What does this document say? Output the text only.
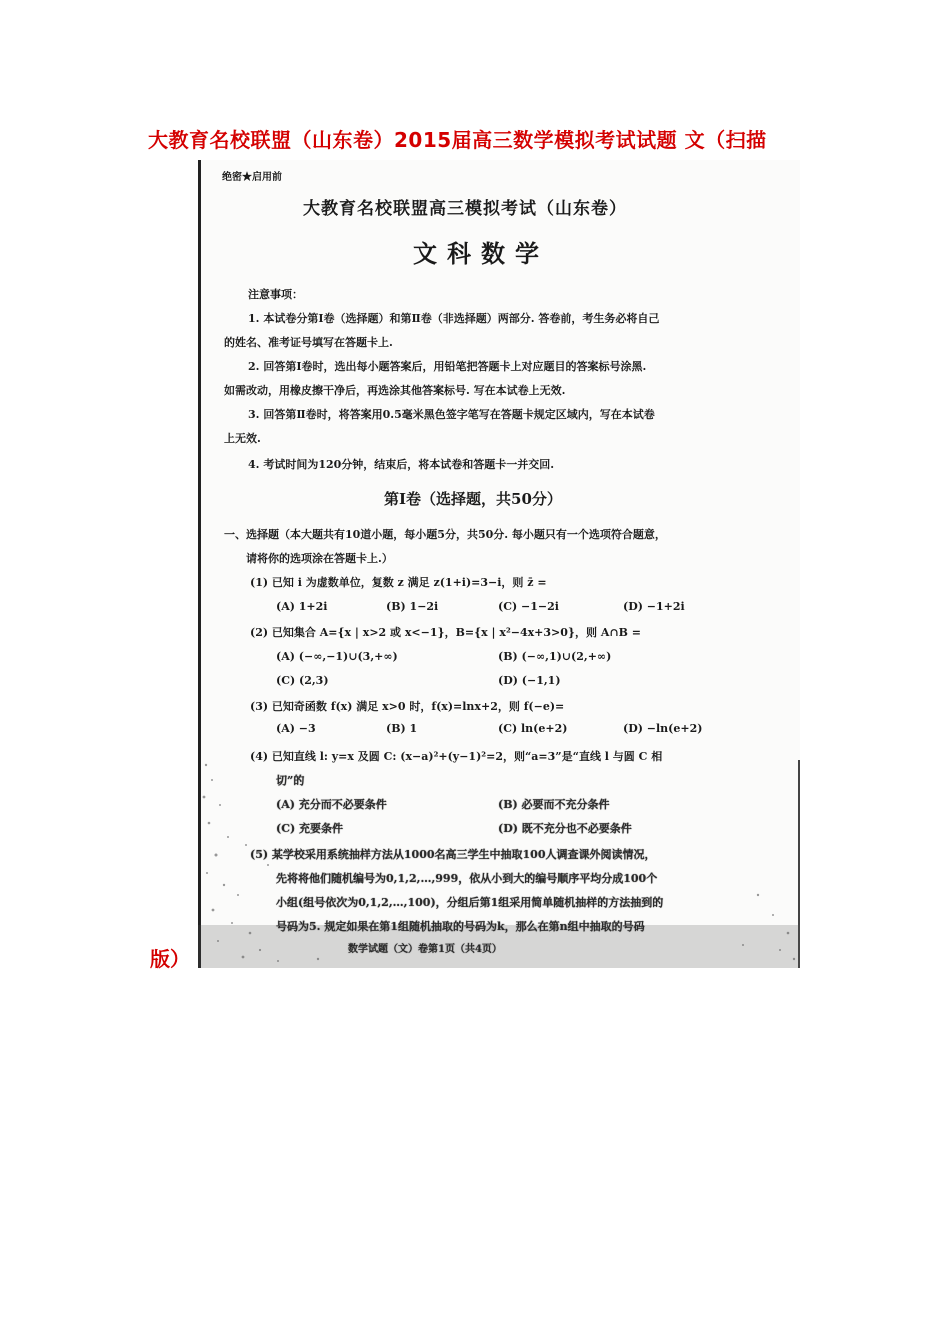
大教育名校联盟（山东卷）2015届高三数学模拟考试试题 文（扫描
版）
绝密★启用前
大教育名校联盟高三模拟考试（山东卷）
文科数学
注意事项：
1. 本试卷分第Ⅰ卷（选择题）和第Ⅱ卷（非选择题）两部分. 答卷前，考生务必将自己
的姓名、准考证号填写在答题卡上.
2. 回答第Ⅰ卷时，选出每小题答案后，用铅笔把答题卡上对应题目的答案标号涂黑.
如需改动，用橡皮擦干净后，再选涂其他答案标号. 写在本试卷上无效.
3. 回答第Ⅱ卷时，将答案用0.5毫米黑色签字笔写在答题卡规定区域内，写在本试卷
上无效.
4. 考试时间为120分钟，结束后，将本试卷和答题卡一并交回.
第Ⅰ卷（选择题，共50分）
一、选择题（本大题共有10道小题，每小题5分，共50分. 每小题只有一个选项符合题意，
请将你的选项涂在答题卡上.）
(1) 已知 i 为虚数单位，复数 z 满足 z(1+i)=3−i，则 z̄ =
(A) 1+2i	(B) 1−2i	(C) −1−2i	(D) −1+2i
(2) 已知集合 A={x | x>2 或 x<−1}，B={x | x²−4x+3>0}，则 A∩B =
(A) (−∞,−1)∪(3,+∞)	(B) (−∞,1)∪(2,+∞)
(C) (2,3)	(D) (−1,1)
(3) 已知奇函数 f(x) 满足 x>0 时，f(x)=lnx+2，则 f(−e)=
(A) −3	(B) 1	(C) ln(e+2)	(D) −ln(e+2)
(4) 已知直线 l: y=x 及圆 C: (x−a)²+(y−1)²=2，则“a=3”是“直线 l 与圆 C 相
切”的
(A) 充分而不必要条件	(B) 必要而不充分条件
(C) 充要条件	(D) 既不充分也不必要条件
(5) 某学校采用系统抽样方法从1000名高三学生中抽取100人调查课外阅读情况，
先将将他们随机编号为0,1,2,…,999，依从小到大的编号顺序平均分成100个
小组(组号依次为0,1,2,…,100)，分组后第1组采用简单随机抽样的方法抽到的
号码为5. 规定如果在第1组随机抽取的号码为k，那么在第n组中抽取的号码
数学试题（文）卷第1页（共4页）
